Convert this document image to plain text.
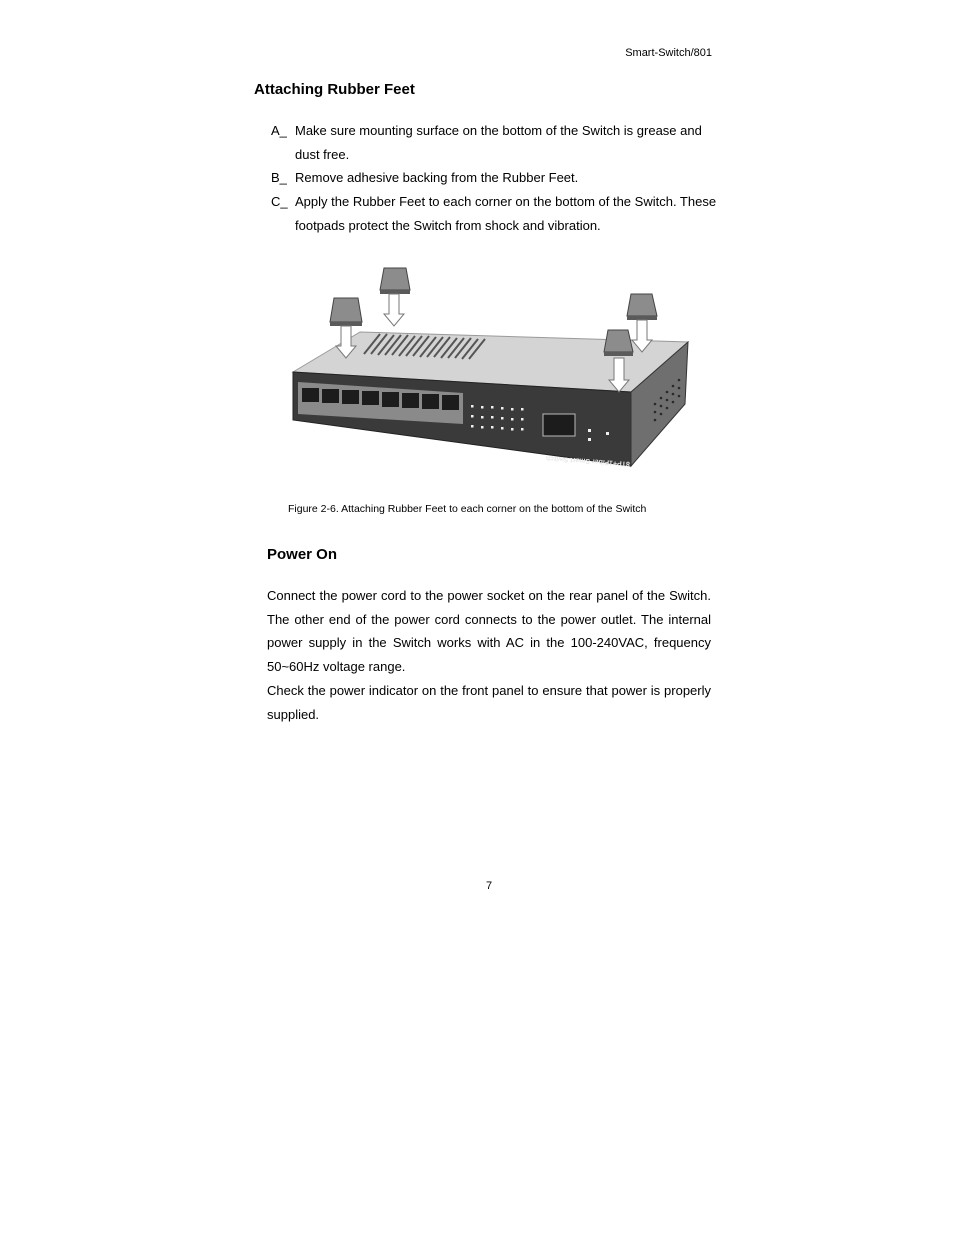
Smart-Switch/801
Attaching Rubber Feet
A_ Make sure mounting surface on the bottom of the Switch is grease and dust free.
B_ Remove adhesive backing from the Rubber Feet.
C_ Apply the Rubber Feet to each corner on the bottom of the Switch. These footpads protect the Switch from shock and vibration.
8TP+1Fiber Smart Switch
Figure 2-6. Attaching Rubber Feet to each corner on the bottom of the Switch
Power On

Connect the power cord to the power socket on the rear panel of the Switch. The other end of the power cord connects to the power outlet. The internal power supply in the Switch works with AC in the 100-240VAC, frequency 50~60Hz voltage range.

Check the power indicator on the front panel to ensure that power is properly supplied.

7
